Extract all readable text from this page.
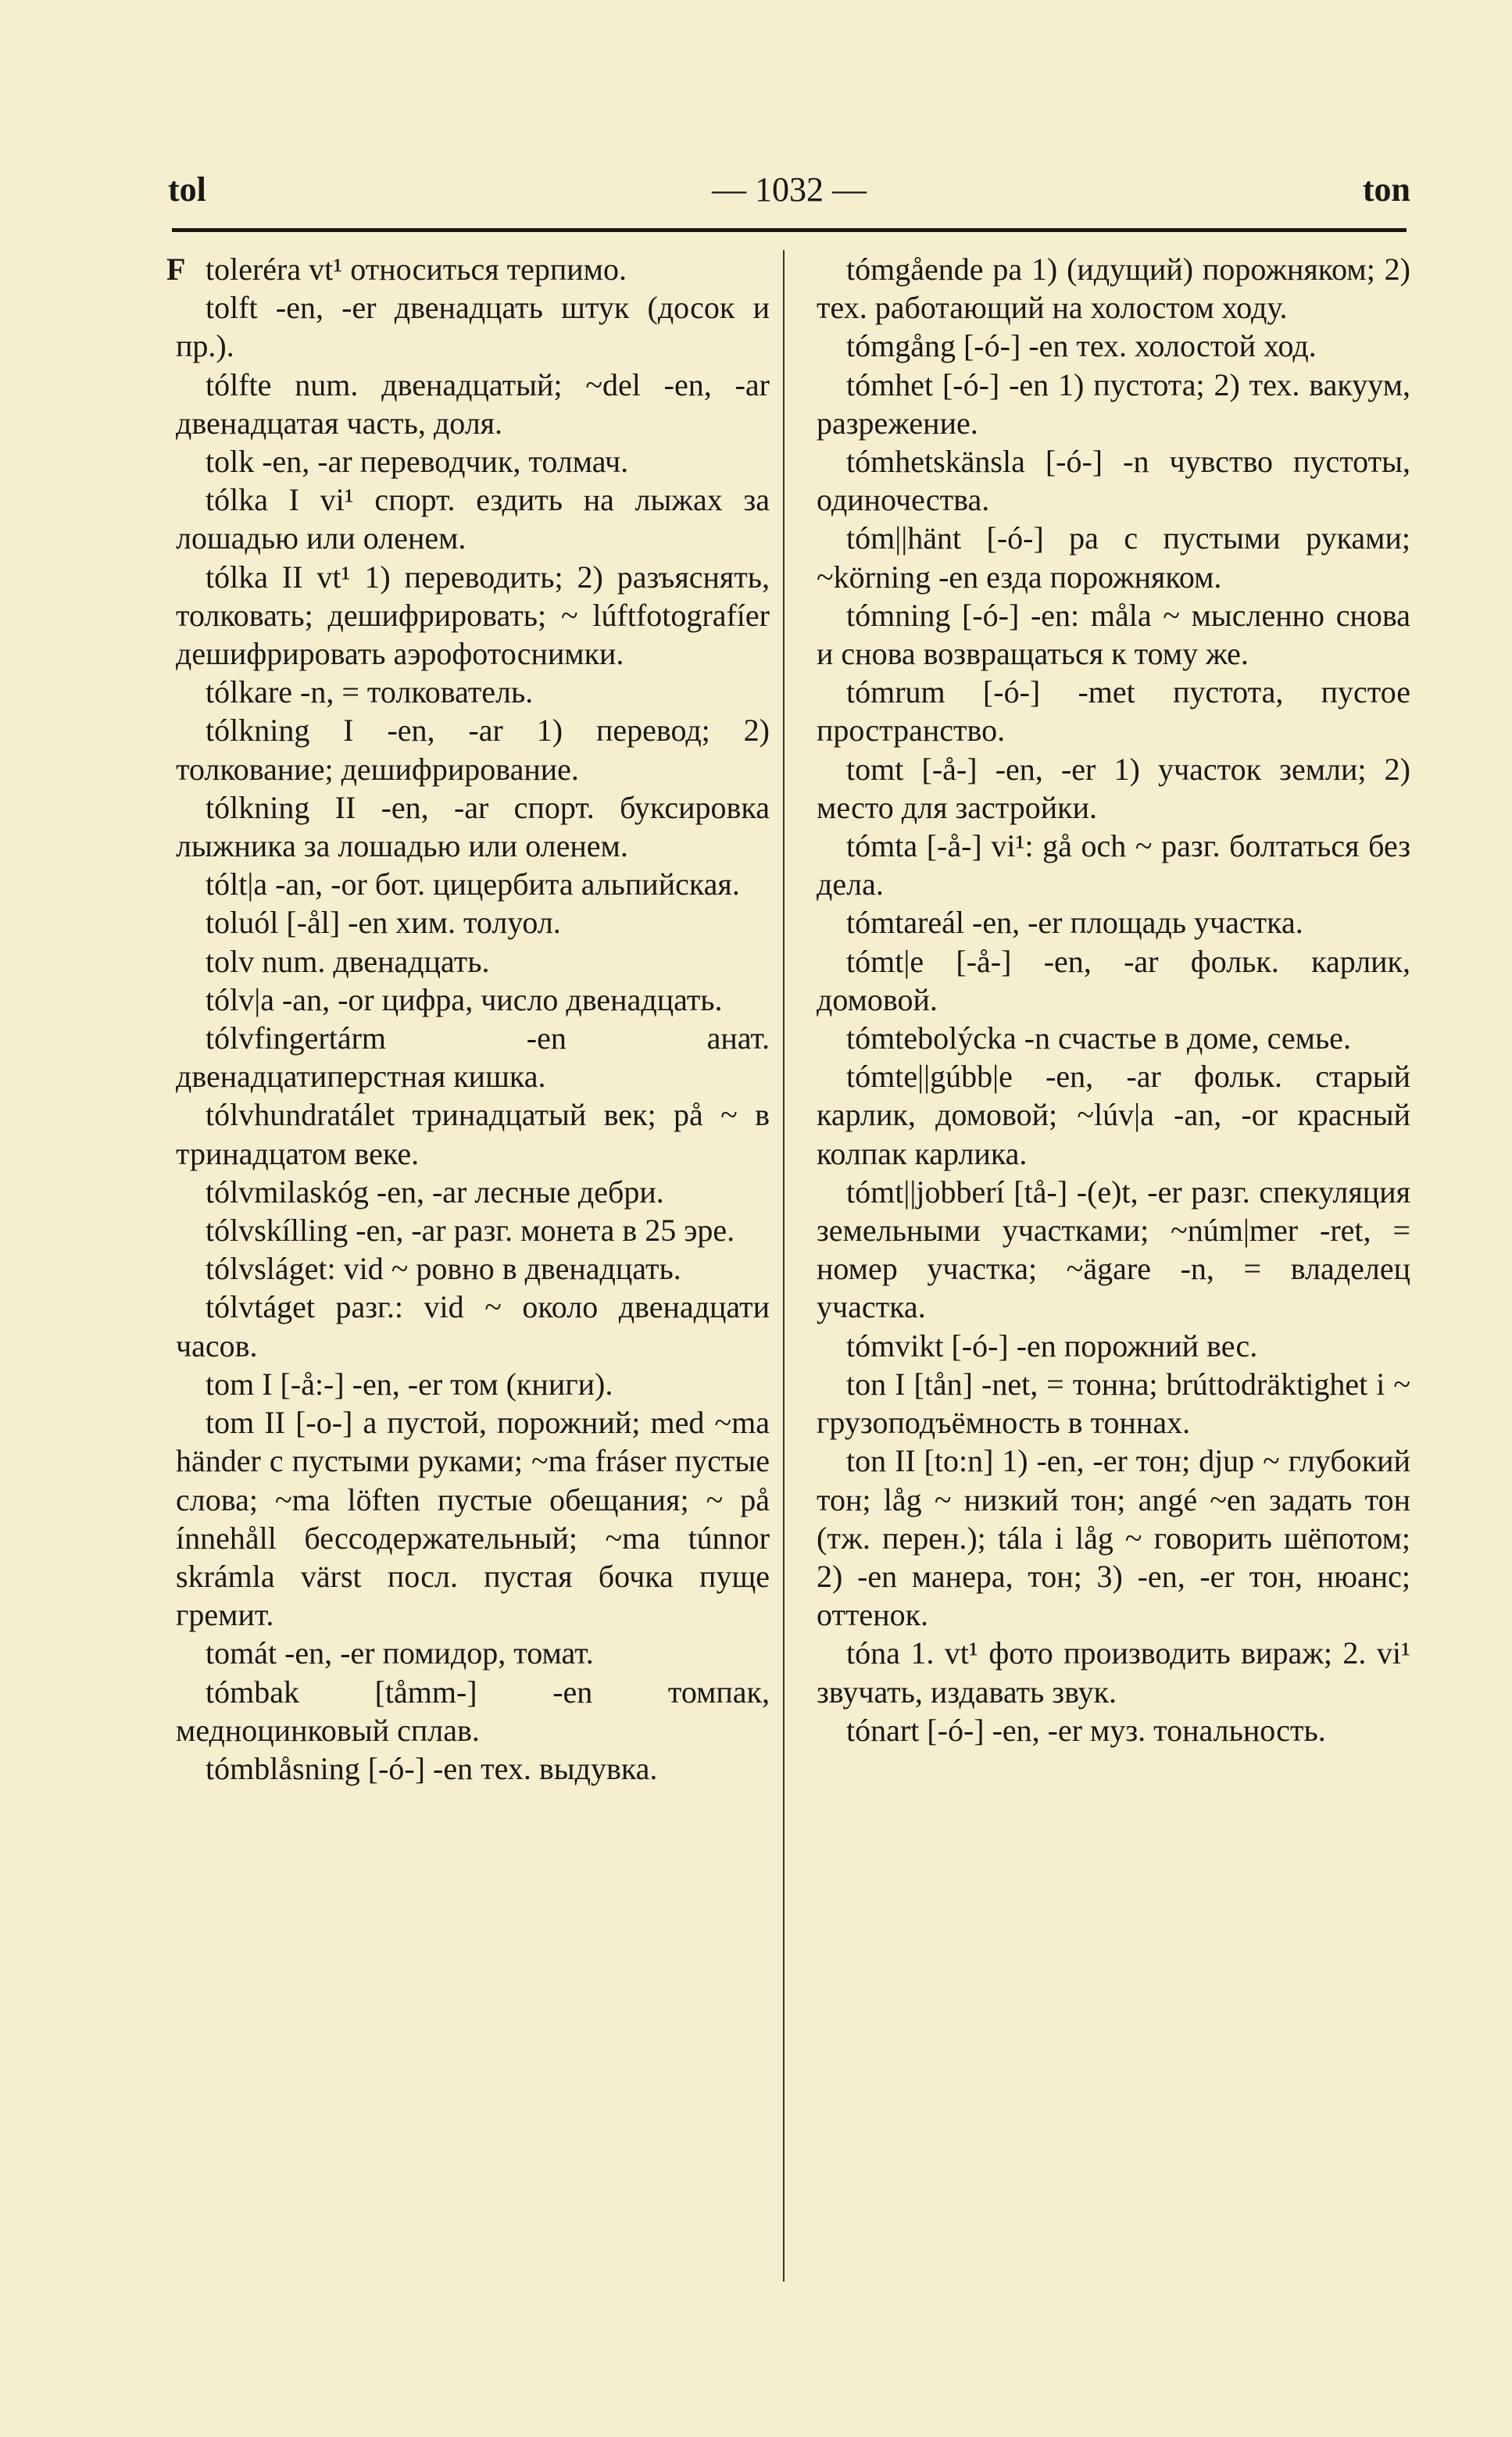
tol	— 1032 —	ton

toleréra vt¹ относиться терпимо.

tolft -en, -er двенадцать штук (досок и пр.).

tólfte num. двенадцатый; ~del -en, -ar двенадцатая часть, доля.

tolk -en, -ar переводчик, толмач.

tólka I vi¹ спорт. ездить на лыжах за лошадью или оленем.

tólka II vt¹ 1) переводить; 2) разъяснять, толковать; дешифрировать; ~ lúftfotografíer дешифрировать аэрофотоснимки.

tólkare -n, = толкователь.

tólkning I -en, -ar 1) перевод; 2) толкование; дешифрирование.

tólkning II -en, -ar спорт. буксировка лыжника за лошадью или оленем.

tólt|a -an, -or бот. цицербита альпийская.

toluól [-ål] -en хим. толуол.

tolv num. двенадцать.

tólv|a -an, -or цифра, число двенадцать.

tólvfingertárm -en анат. двенадцатиперстная кишка.

tólvhundratálet тринадцатый век; på ~ в тринадцатом веке.

tólvmilaskóg -en, -ar лесные дебри.

tólvskílling -en, -ar разг. монета в 25 эре.

tólvsláget: vid ~ ровно в двенадцать.

tólvtáget разг.: vid ~ около двенадцати часов.

tom I [-å:-] -en, -er том (книги).

tom II [-o-] a пустой, порожний; med ~ma händer с пустыми руками; ~ma fráser пустые слова; ~ma löften пустые обещания; ~ på ínnehåll бессодержательный; ~ma túnnor skrámla värst посл. пустая бочка пуще гремит.

tomát -en, -er помидор, томат.

tómbak [tåmm-] -en томпак, медноцинковый сплав.

tómblåsning [-ó-] -en тех. выдувка.

F	tómgående pa 1) (идущий) порожняком; 2) тех. работающий на холостом ходу.

tómgång [-ó-] -en тех. холостой ход.

tómhet [-ó-] -en 1) пустота; 2) тех. вакуум, разрежение.

tómhetskänsla [-ó-] -n чувство пустоты, одиночества.

tóm||hänt [-ó-] pa с пустыми руками; ~körning -en езда порожняком.

tómning [-ó-] -en: måla ~ мысленно снова и снова возвращаться к тому же.

tómrum [-ó-] -met пустота, пустое пространство.

tomt [-å-] -en, -er 1) участок земли; 2) место для застройки.

tómta [-å-] vi¹: gå och ~ разг. болтаться без дела.

tómtareál -en, -er площадь участка.

tómt|e [-å-] -en, -ar фольк. карлик, домовой.

tómtebolýcka -n счастье в доме, семье.

tómte||gúbb|e -en, -ar фольк. старый карлик, домовой; ~lúv|a -an, -or красный колпак карлика.

tómt||jobberí [tå-] -(e)t, -er разг. спекуляция земельными участками; ~núm|mer -ret, = номер участка; ~ägare -n, = владелец участка.

tómvikt [-ó-] -en порожний вес.

ton I [tån] -net, = тонна; brúttodräktighet i ~ грузоподъёмность в тоннах.

ton II [to:n] 1) -en, -er тон; djup ~ глубокий тон; låg ~ низкий тон; angé ~en задать тон (тж. перен.); tála i låg ~ говорить шёпотом; 2) -en манера, тон; 3) -en, -er тон, нюанс; оттенок.

tóna 1. vt¹ фото производить вираж; 2. vi¹ звучать, издавать звук.

tónart [-ó-] -en, -er муз. тональность.
